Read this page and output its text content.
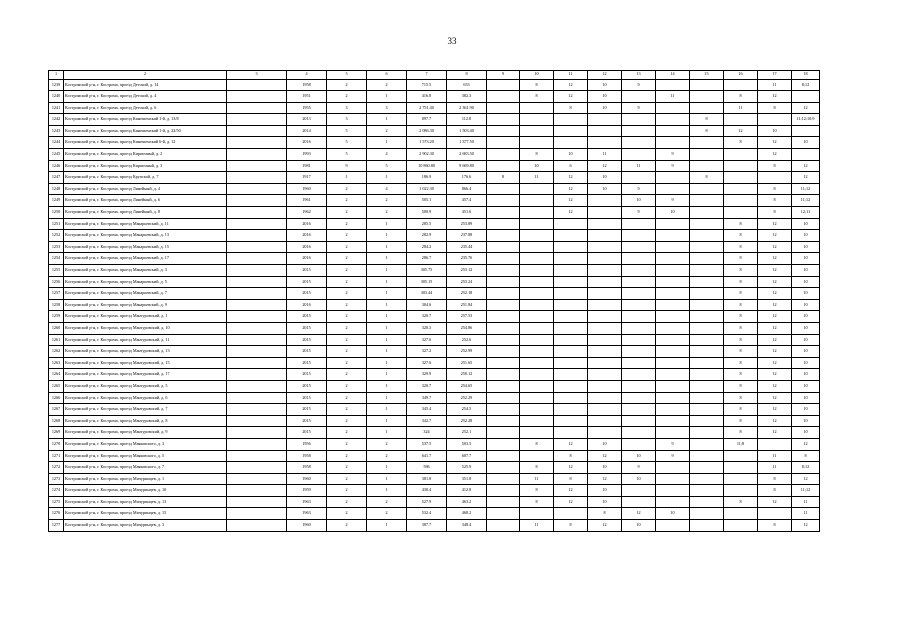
33
1	2	3	4	5	6	7	8	9	10	11	12	13	14	15	16	17	18
1239	Костромской р-н, г. Кострома, проезд Детский, д. 14		1958	2	2	715.5	653		8	12	10	9				11	8;12
1240	Костромской р-н, г. Кострома, проезд Детский, д. 4		1951	2	1	416.8	382.3		8	12	10		11		8	12	
1241	Костромской р-н, г. Кострома, проезд Детский, д. 6		1955	3	3	2 751.40	2 361.90			8	10	9			11	8	12
1242	Костромской р-н, г. Кострома, проезд Кинешемский 1-й, д. 13/8		2013	3	1	897.7	112.8							8			11;12;10;9
1243	Костромской р-н, г. Кострома, проезд Кинешемский 1-й, д. 22/50		2014	5	2	2 086.30	1 503.40							8	12	10	
1244	Костромской р-н, г. Кострома, проезд Кинешемский 6-й, д. 12		2016	5	1	1 573.20	1 377.50								8	12	10
1245	Костромской р-н, г. Кострома, проезд Кирпичный, д. 2		1993	5	4	2 902.30	2 683.50		8	10	11		9			12	
1246	Костромской р-н, г. Кострома, проезд Кирпичный, д. 3		1981	9	5	10 860.80	9 669.80		10	6	12	11	9			8	12
1247	Костромской р-н, г. Кострома, проезд Крупской, д. 7		1917	1	1	186.9	176.6	8	11	12	10			8			12
1248	Костромской р-н, г. Кострома, проезд Линейный, д. 4		1960	2	4	1 022.30	866.4			12	10	9				8	11;12
1249	Костромской р-н, г. Кострома, проезд Линейный, д. 6		1961	2	2	505.1	457.4			12		10	9			8	11;12
1250	Костромской р-н, г. Кострома, проезд Линейный, д. 8		1962	2	2	500.9	451.6			12		9	10			8	12;11
1251	Костромской р-н, г. Кострома, проезд Макарьевский, д. 11		2016	2	1	285.5	253.89								8	12	10
1252	Костромской р-н, г. Кострома, проезд Макарьевский, д. 13		2016	2	1	282.9	237.88								8	12	10
1253	Костромской р-н, г. Кострома, проезд Макарьевский, д. 15		2016	2	1	284.2	235.44								8	12	10
1254	Костромской р-н, г. Кострома, проезд Макарьевский, д. 17		2016	2	1	286.7	235.76								8	12	10
1255	Костромской р-н, г. Кострома, проезд Макарьевский, д. 3		2015	2	1	305.75	253.12								8	12	10
1256	Костромской р-н, г. Кострома, проезд Макарьевский, д. 5		2015	2	1	305.15	253.24								8	12	10
1257	Костромской р-н, г. Кострома, проезд Макарьевский, д. 7		2015	2	1	303.44	252.18								8	12	10
1258	Костромской р-н, г. Кострома, проезд Макарьевский, д. 9		2016	2	1	304.6	251.84								8	12	10
1259	Костромской р-н, г. Кострома, проезд Мантуровский, д. 1		2015	2	1	320.7	257.53								8	12	10
1260	Костромской р-н, г. Кострома, проезд Мантуровский, д. 10		2015	2	1	320.3	254.86								8	12	10
1261	Костромской р-н, г. Кострома, проезд Мантуровский, д. 11		2015	2	1	327.6	252.6								8	12	10
1262	Костромской р-н, г. Кострома, проезд Мантуровский, д. 13		2015	2	1	327.2	252.99								8	12	10
1263	Костромской р-н, г. Кострома, проезд Мантуровский, д. 15		2015	2	1	327.6	251.65								8	12	10
1264	Костромской р-н, г. Кострома, проезд Мантуровский, д. 17		2015	2	1	329.9	250.12								8	12	10
1265	Костромской р-н, г. Кострома, проезд Мантуровский, д. 5		2015	2	1	320.7	254.65								8	12	10
1266	Костромской р-н, г. Кострома, проезд Мантуровский, д. 6		2015	2	1	349.7	252.29								8	12	10
1267	Костромской р-н, г. Кострома, проезд Мантуровский, д. 7		2015	2	1	345.4	254.5								8	12	10
1268	Костромской р-н, г. Кострома, проезд Мантуровский, д. 8		2015	2	1	342.7	252.28								8	12	10
1269	Костромской р-н, г. Кострома, проезд Мантуровский, д. 9		2015	2	1	324	252.1								8	12	10
1270	Костромской р-н, г. Кострома, проезд Маяковского, д. 3		1956	2	2	537.5	503.5		8	12	10		9		11;8		12
1271	Костромской р-н, г. Кострома, проезд Маяковского, д. 5		1958	2	2	641.7	607.7			8	12	10	9			11	8
1272	Костромской р-н, г. Кострома, проезд Маяковского, д. 7		1958	2	1	586	525.9		8	12	10	9				11	8;12
1273	Костромской р-н, г. Кострома, проезд Мичуринцев, д. 1		1960	2	1	381.8	351.8		11	8	12	10				8	12
1274	Костромской р-н, г. Кострома, проезд Мичуринцев, д. 10		1959	2	1	430.4	412.8		8	12	10					8	11;12
1275	Костромской р-н, г. Кострома, проезд Мичуринцев, д. 13		1963	2	2	527.9	463.2		8	12	10				8	12	11
1276	Костромской р-н, г. Кострома, проезд Мичуринцев, д. 15		1963	2	2	532.4	468.2				8	12	10				11
1277	Костромской р-н, г. Кострома, проезд Мичуринцев, д. 3		1960	2	1	387.7	348.4		11	8	12	10				8	12
